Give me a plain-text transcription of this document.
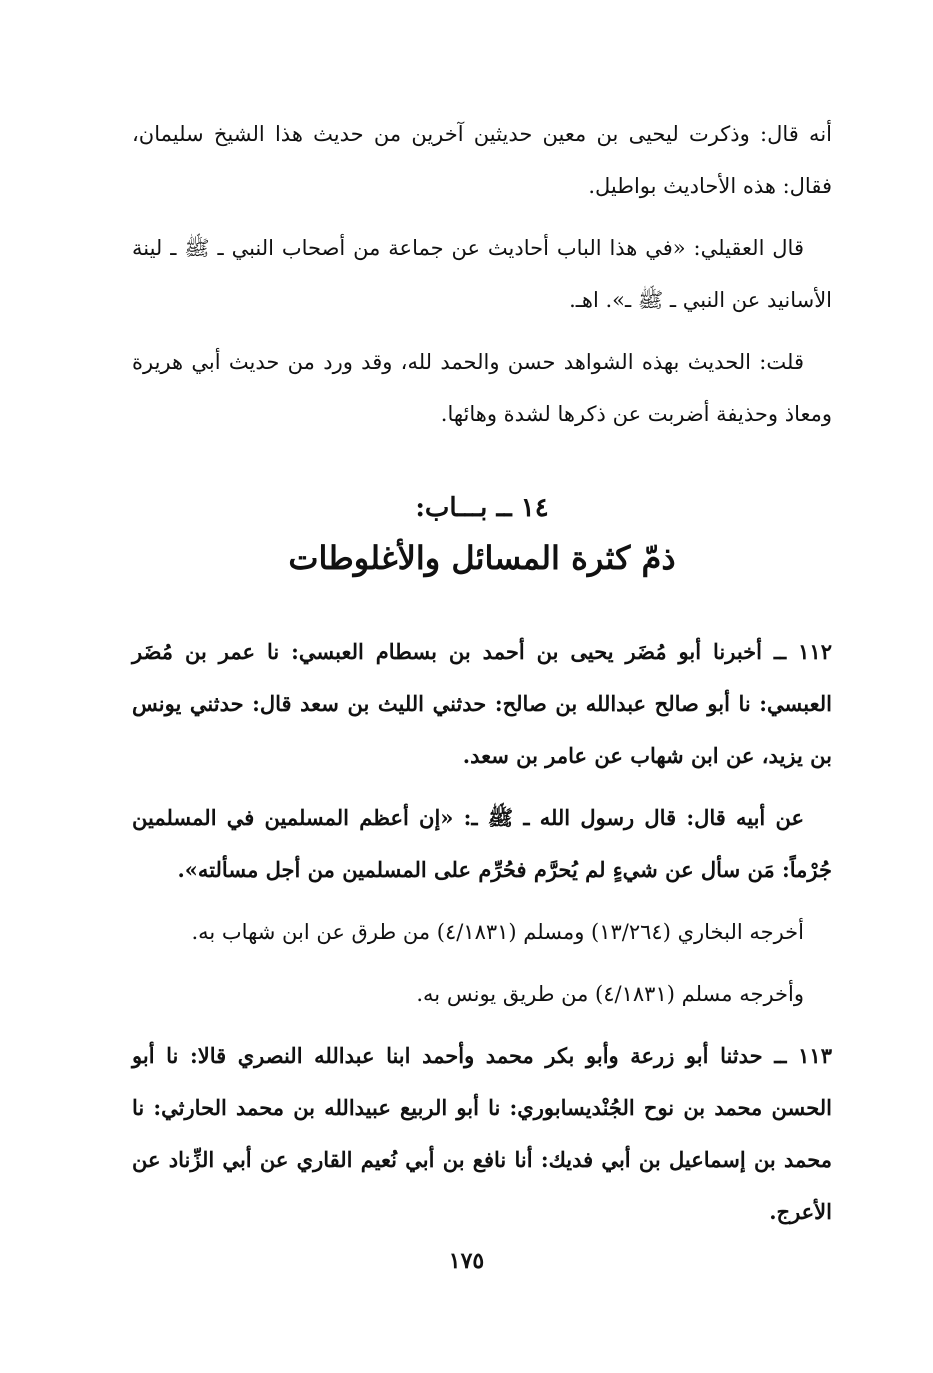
أنه قال: وذكرت ليحيى بن معين حديثين آخرين من حديث هذا الشيخ سليمان، فقال: هذه الأحاديث بواطيل.

قال العقيلي: «في هذا الباب أحاديث عن جماعة من أصحاب النبي ـ ﷺ ـ لينة الأسانيد عن النبي ـ ﷺ ـ». اهـ.

قلت: الحديث بهذه الشواهد حسن والحمد لله، وقد ورد من حديث أبي هريرة ومعاذ وحذيفة أضربت عن ذكرها لشدة وهائها.

١٤ ــ بـــاب:
ذمّ كثرة المسائل والأغلوطات

١١٢ ــ أخبرنا أبو مُضَر يحيى بن أحمد بن بسطام العبسي: نا عمر بن مُضَر العبسي: نا أبو صالح عبدالله بن صالح: حدثني الليث بن سعد قال: حدثني يونس بن يزيد، عن ابن شهاب عن عامر بن سعد.

عن أبيه قال: قال رسول الله ـ ﷺ ـ: «إن أعظم المسلمين في المسلمين جُرْماً: مَن سأل عن شيءٍ لم يُحرَّم فحُرِّم على المسلمين من أجل مسألته».

أخرجه البخاري (١٣/٢٦٤) ومسلم (٤/١٨٣١) من طرق عن ابن شهاب به.

وأخرجه مسلم (٤/١٨٣١) من طريق يونس به.

١١٣ ــ حدثنا أبو زرعة وأبو بكر محمد وأحمد ابنا عبدالله النصري قالا: نا أبو الحسن محمد بن نوح الجُنْديسابوري: نا أبو الربيع عبيدالله بن محمد الحارثي: نا محمد بن إسماعيل بن أبي فديك: أنا نافع بن أبي نُعيم القاري عن أبي الزِّناد عن الأعرج.

١٧٥
